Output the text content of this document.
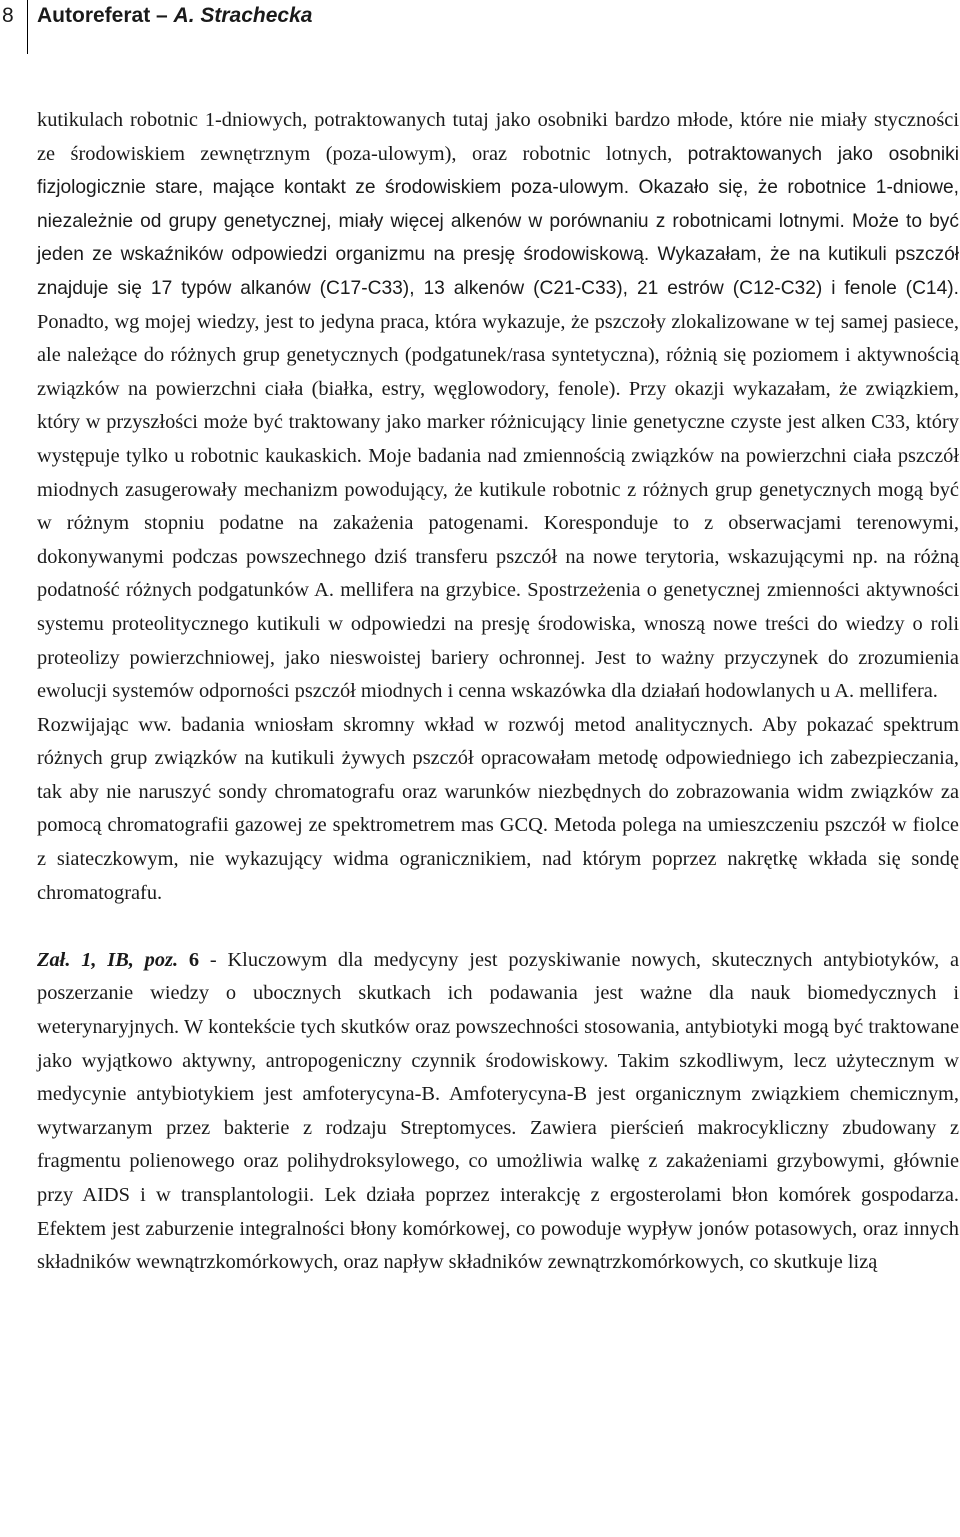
8 Autoreferat – A. Strachecka

kutikulach robotnic 1-dniowych, potraktowanych tutaj jako osobniki bardzo młode, które nie miały styczności ze środowiskiem zewnętrznym (poza-ulowym), oraz robotnic lotnych, potraktowanych jako osobniki fizjologicznie stare, mające kontakt ze środowiskiem poza-ulowym. Okazało się, że robotnice 1-dniowe, niezależnie od grupy genetycznej, miały więcej alkenów w porównaniu z robotnicami lotnymi. Może to być jeden ze wskaźników odpowiedzi organizmu na presję środowiskową. Wykazałam, że na kutikuli pszczół znajduje się 17 typów alkanów (C17-C33), 13 alkenów (C21-C33), 21 estrów (C12-C32) i fenole (C14). Ponadto, wg mojej wiedzy, jest to jedyna praca, która wykazuje, że pszczoły zlokalizowane w tej samej pasiece, ale należące do różnych grup genetycznych (podgatunek/rasa syntetyczna), różnią się poziomem i aktywnością związków na powierzchni ciała (białka, estry, węglowodory, fenole). Przy okazji wykazałam, że związkiem, który w przyszłości może być traktowany jako marker różnicujący linie genetyczne czyste jest alken C33, który występuje tylko u robotnic kaukaskich. Moje badania nad zmiennością związków na powierzchni ciała pszczół miodnych zasugerowały mechanizm powodujący, że kutikule robotnic z różnych grup genetycznych mogą być w różnym stopniu podatne na zakażenia patogenami. Koresponduje to z obserwacjami terenowymi, dokonywanymi podczas powszechnego dziś transferu pszczół na nowe terytoria, wskazującymi np. na różną podatność różnych podgatunków A. mellifera na grzybice. Spostrzeżenia o genetycznej zmienności aktywności systemu proteolitycznego kutikuli w odpowiedzi na presję środowiska, wnoszą nowe treści do wiedzy o roli proteolizy powierzchniowej, jako nieswoistej bariery ochronnej. Jest to ważny przyczynek do zrozumienia ewolucji systemów odporności pszczół miodnych i cenna wskazówka dla działań hodowlanych u A. mellifera.

Rozwijając ww. badania wniosłam skromny wkład w rozwój metod analitycznych. Aby pokazać spektrum różnych grup związków na kutikuli żywych pszczół opracowałam metodę odpowiedniego ich zabezpieczania, tak aby nie naruszyć sondy chromatografu oraz warunków niezbędnych do zobrazowania widm związków za pomocą chromatografii gazowej ze spektrometrem mas GCQ. Metoda polega na umieszczeniu pszczół w fiolce z siateczkowym, nie wykazujący widma ogranicznikiem, nad którym poprzez nakrętkę wkłada się sondę chromatografu.

Zał. 1, IB, poz. 6 - Kluczowym dla medycyny jest pozyskiwanie nowych, skutecznych antybiotyków, a poszerzanie wiedzy o ubocznych skutkach ich podawania jest ważne dla nauk biomedycznych i weterynaryjnych. W kontekście tych skutków oraz powszechności stosowania, antybiotyki mogą być traktowane jako wyjątkowo aktywny, antropogeniczny czynnik środowiskowy. Takim szkodliwym, lecz użytecznym w medycynie antybiotykiem jest amfoterycyna-B. Amfoterycyna-B jest organicznym związkiem chemicznym, wytwarzanym przez bakterie z rodzaju Streptomyces. Zawiera pierścień makrocykliczny zbudowany z fragmentu polienowego oraz polihydroksylowego, co umożliwia walkę z zakażeniami grzybowymi, głównie przy AIDS i w transplantologii. Lek działa poprzez interakcję z ergosterolami błon komórek gospodarza. Efektem jest zaburzenie integralności błony komórkowej, co powoduje wypływ jonów potasowych, oraz innych składników wewnątrzkomórkowych, oraz napływ składników zewnątrzkomórkowych, co skutkuje lizą
